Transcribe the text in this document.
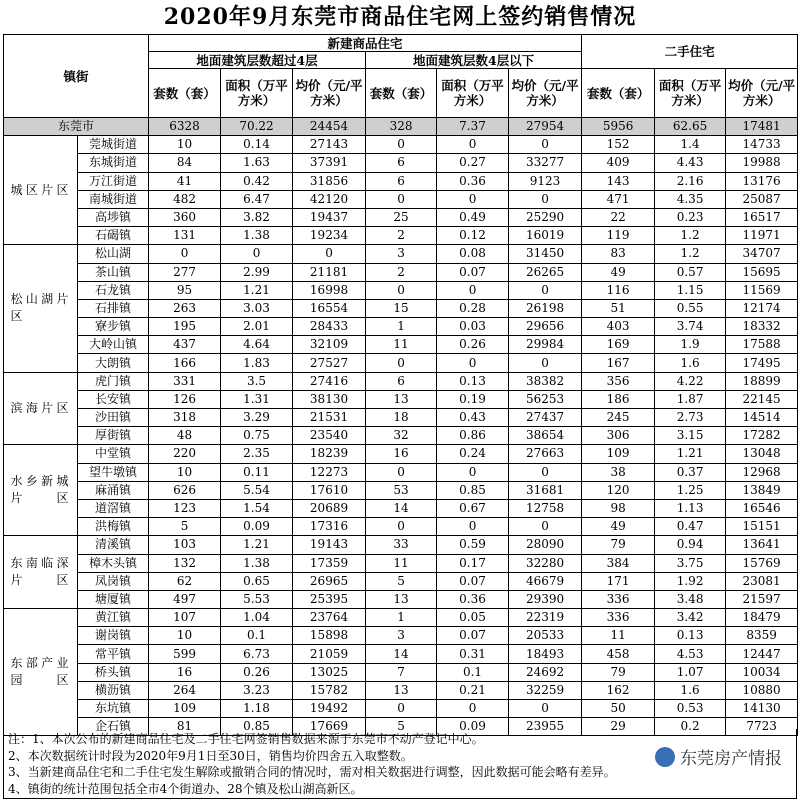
2020年9月东莞市商品住宅网上签约销售情况
镇街		新建商品住宅						二手住宅		
		地面建筑层数超过4层			地面建筑层数4层以下					
		套数（套）	面积（万平方米）	均价（元/平方米）	套数（套）	面积（万平方米）	均价（元/平方米）	套数（套）	面积（万平方米）	均价（元/平方米）
东莞市		6328	70.22	24454	328	7.37	27954	5956	62.65	17481
城区片区	莞城街道	10	0.14	27143	0	0	0	152	1.4	14733
	东城街道	84	1.63	37391	6	0.27	33277	409	4.43	19988
	万江街道	41	0.42	31856	6	0.36	9123	143	2.16	13176
	南城街道	482	6.47	42120	0	0	0	471	4.35	25087
	高埗镇	360	3.82	19437	25	0.49	25290	22	0.23	16517
	石碣镇	131	1.38	19234	2	0.12	16019	119	1.2	11971
松山湖片区	松山湖	0	0	0	3	0.08	31450	83	1.2	34707
	茶山镇	277	2.99	21181	2	0.07	26265	49	0.57	15695
	石龙镇	95	1.21	16998	0	0	0	116	1.15	11569
	石排镇	263	3.03	16554	15	0.28	26198	51	0.55	12174
	寮步镇	195	2.01	28433	1	0.03	29656	403	3.74	18332
	大岭山镇	437	4.64	32109	11	0.26	29984	169	1.9	17588
	大朗镇	166	1.83	27527	0	0	0	167	1.6	17495
滨海片区	虎门镇	331	3.5	27416	6	0.13	38382	356	4.22	18899
	长安镇	126	1.31	38130	13	0.19	56253	186	1.87	22145
	沙田镇	318	3.29	21531	18	0.43	27437	245	2.73	14514
	厚街镇	48	0.75	23540	32	0.86	38654	306	3.15	17282
水乡新城片区	中堂镇	220	2.35	18239	16	0.24	27663	109	1.21	13048
	望牛墩镇	10	0.11	12273	0	0	0	38	0.37	12968
	麻涌镇	626	5.54	17610	53	0.85	31681	120	1.25	13849
	道滘镇	123	1.54	20689	14	0.67	12758	98	1.13	16546
	洪梅镇	5	0.09	17316	0	0	0	49	0.47	15151
东南临深片区	清溪镇	103	1.21	19143	33	0.59	28090	79	0.94	13641
	樟木头镇	132	1.38	17359	11	0.17	32280	384	3.75	15769
	凤岗镇	62	0.65	26965	5	0.07	46679	171	1.92	23081
	塘厦镇	497	5.53	25395	13	0.36	29390	336	3.48	21597
东部产业园区	黄江镇	107	1.04	23764	1	0.05	22319	336	3.42	18479
	谢岗镇	10	0.1	15898	3	0.07	20533	11	0.13	8359
	常平镇	599	6.73	21059	14	0.31	18493	458	4.53	12447
	桥头镇	16	0.26	13025	7	0.1	24692	79	1.07	10034
	横沥镇	264	3.23	15782	13	0.21	32259	162	1.6	10880
	东坑镇	109	1.18	19492	0	0	0	50	0.53	14130
	企石镇	81	0.85	17669	5	0.09	23955	29	0.2	7723
注：1、本次公布的新建商品住宅及二手住宅网签销售数据来源于东莞市不动产登记中心。
2、本次数据统计时段为2020年9月1日至30日，销售均价四舍五入取整数。
3、当新建商品住宅和二手住宅发生解除或撤销合同的情况时，需对相关数据进行调整，因此数据可能会略有差异。
4、镇街的统计范围包括全市4个街道办、28个镇及松山湖高新区。
东莞房产情报
